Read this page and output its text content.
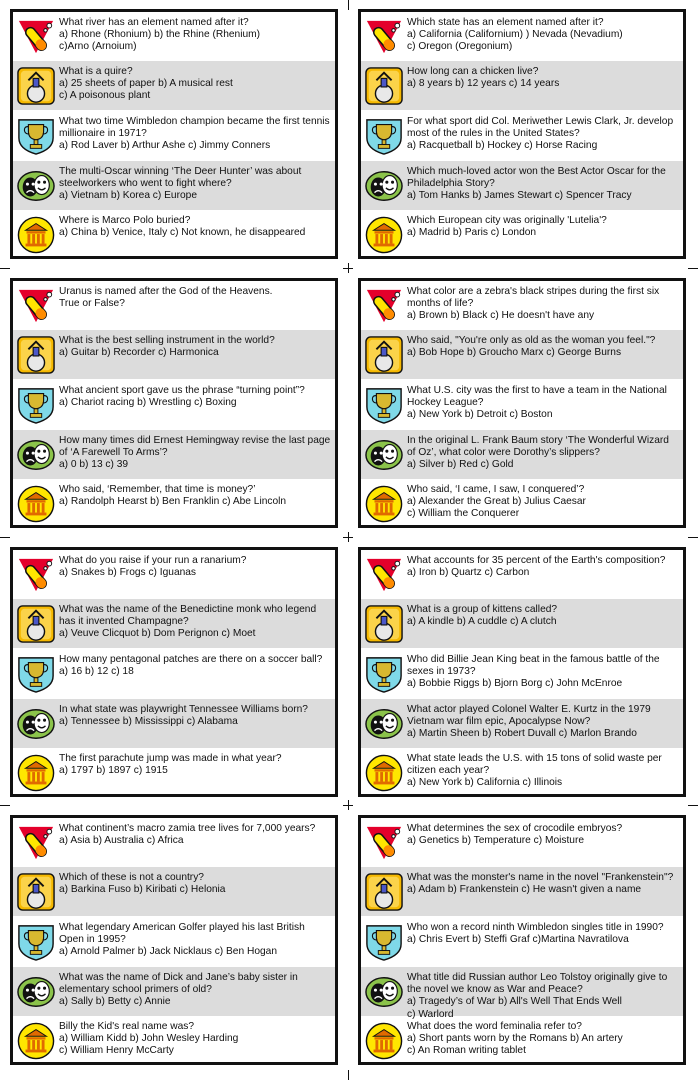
What river has an element named after it?
a) Rhone (Rhonium) b) the Rhine (Rhenium)
c)Arno (Arnoium)
What is a quire?
a) 25 sheets of paper b) A musical rest
c) A poisonous plant
What two time Wimbledon champion became the first tennis millionaire in 1971?
a) Rod Laver b) Arthur Ashe c) Jimmy Conners
The multi-Oscar winning ‘The Deer Hunter’ was about steelworkers who went to fight where?
a) Vietnam b) Korea c) Europe
Where is Marco Polo buried?
a) China b) Venice, Italy c) Not known, he disappeared
Which state has an element named after it?
a) California (Californium) ) Nevada (Nevadium)
c) Oregon (Oregonium)
How long can a chicken live?
a) 8 years b) 12 years c) 14 years
For what sport did Col. Meriwether Lewis Clark, Jr. develop most of the rules in the United States?
a) Racquetball b) Hockey c) Horse Racing
Which much-loved actor won the Best Actor Oscar for the Philadelphia Story?
a) Tom Hanks b) James Stewart c) Spencer Tracy
Which European city was originally 'Lutelia'?
a) Madrid b) Paris c) London
Uranus is named after the God of the Heavens.
True or False?
What is the best selling instrument in the world?
a) Guitar b) Recorder c) Harmonica
What ancient sport gave us the phrase “turning point”?
a) Chariot racing b) Wrestling c) Boxing
How many times did Ernest Hemingway revise the last page of ‘A Farewell To Arms’?
a) 0 b) 13 c) 39
Who said, ‘Remember, that time is money?’
a) Randolph Hearst b) Ben Franklin c) Abe Lincoln
What color are a zebra's black stripes during the first six months of life?
a) Brown b) Black c) He doesn't have any
Who said, "You're only as old as the woman you feel."?
a) Bob Hope b) Groucho Marx c) George Burns
What U.S. city was the first to have a team in the National Hockey League?
a) New York b) Detroit c) Boston
In the original L. Frank Baum story ‘The Wonderful Wizard of Oz’, what color were Dorothy’s slippers?
a) Silver b) Red c) Gold
Who said, ‘I came, I saw, I conquered’?
a) Alexander the Great b) Julius Caesar
c) William the Conquerer
What do you raise if your run a ranarium?
a) Snakes b) Frogs c) Iguanas
What was the name of the Benedictine monk who legend has it invented Champagne?
a) Veuve Clicquot b) Dom Perignon c) Moet
How many pentagonal patches are there on a soccer ball?
a) 16 b) 12 c) 18
In what state was playwright Tennessee Williams born?
a) Tennessee b) Mississippi c) Alabama
The first parachute jump was made in what year?
a) 1797 b) 1897 c) 1915
What accounts for 35 percent of the Earth's composition?
a) Iron b) Quartz c) Carbon
What is a group of kittens called?
a) A kindle b) A cuddle c) A clutch
Who did Billie Jean King beat in the famous battle of the sexes in 1973?
a) Bobbie Riggs b) Bjorn Borg c) John McEnroe
What actor played Colonel Walter E. Kurtz in the 1979 Vietnam war film epic, Apocalypse Now?
a) Martin Sheen b) Robert Duvall c) Marlon Brando
What state leads the U.S. with 15 tons of solid waste per citizen each year?
a) New York b) California c) Illinois
What continent’s macro zamia tree lives for 7,000 years?
a) Asia b) Australia c) Africa
Which of these is not a country?
a) Barkina Fuso b) Kiribati c) Helonia
What legendary American Golfer played his last British Open in 1995?
a) Arnold Palmer b) Jack Nicklaus c) Ben Hogan
What was the name of Dick and Jane’s baby sister in elementary school primers of old?
a) Sally b) Betty c) Annie
Billy the Kid's real name was?
a) William Kidd b) John Wesley Harding
c) William Henry McCarty
What determines the sex of crocodile embryos?
a) Genetics b) Temperature c) Moisture
What was the monster's name in the novel "Frankenstein"?
a) Adam b) Frankenstein c) He wasn't given a name
Who won a record ninth Wimbledon singles title in 1990?
a) Chris Evert b) Steffi Graf c)Martina Navratilova
What title did Russian author Leo Tolstoy originally give to the novel we know as War and Peace?
a) Tragedy’s of War b) All's Well That Ends Well
c) Warlord
What does the word feminalia refer to?
a) Short pants worn by the Romans b) An artery
c) An Roman writing tablet
